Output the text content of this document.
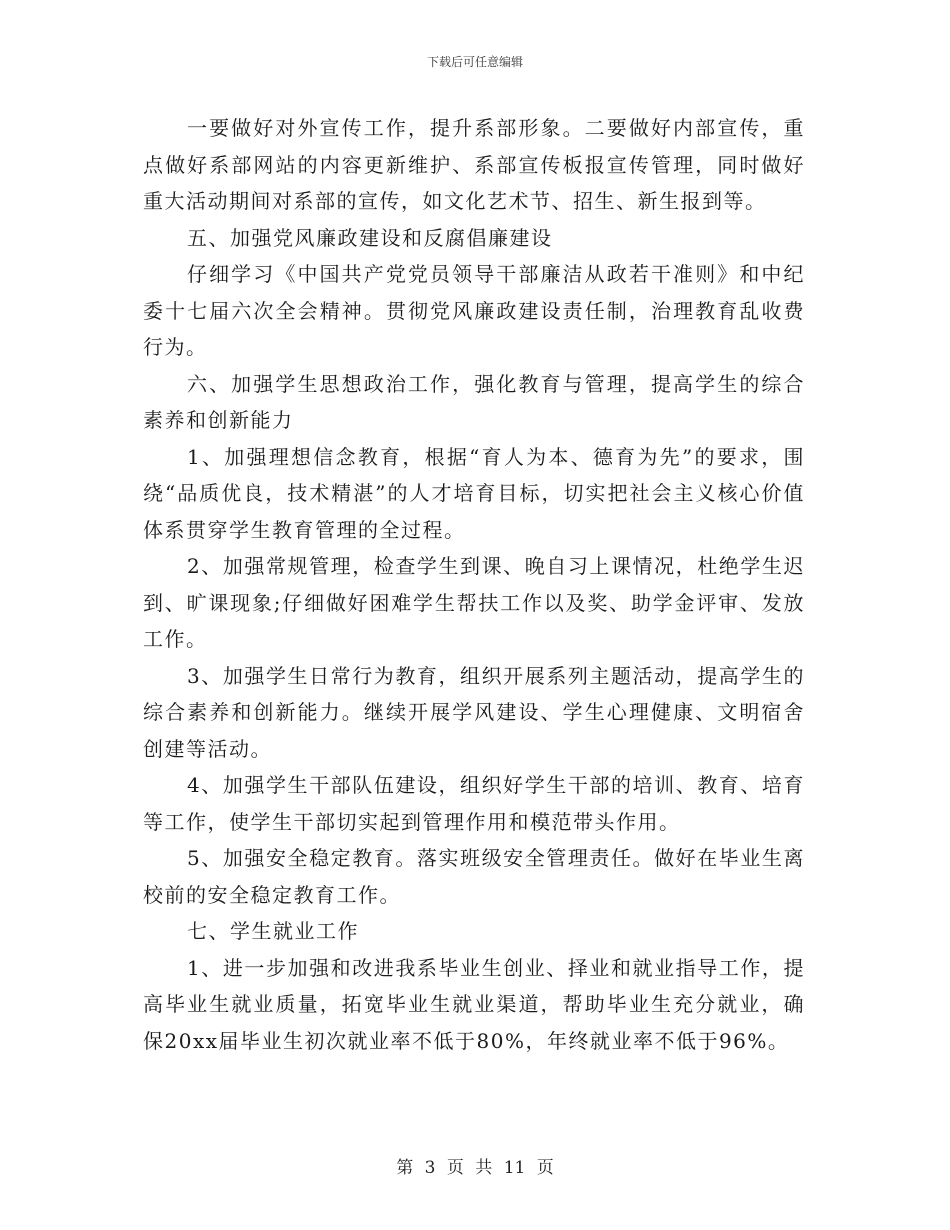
下载后可任意编辑

一要做好对外宣传工作，提升系部形象。二要做好内部宣传，重点做好系部网站的内容更新维护、系部宣传板报宣传管理，同时做好重大活动期间对系部的宣传，如文化艺术节、招生、新生报到等。

五、加强党风廉政建设和反腐倡廉建设

仔细学习《中国共产党党员领导干部廉洁从政若干准则》和中纪委十七届六次全会精神。贯彻党风廉政建设责任制，治理教育乱收费行为。

六、加强学生思想政治工作，强化教育与管理，提高学生的综合素养和创新能力

1、加强理想信念教育，根据“育人为本、德育为先”的要求，围绕“品质优良，技术精湛”的人才培育目标，切实把社会主义核心价值体系贯穿学生教育管理的全过程。

2、加强常规管理，检查学生到课、晚自习上课情况，杜绝学生迟到、旷课现象;仔细做好困难学生帮扶工作以及奖、助学金评审、发放工作。

3、加强学生日常行为教育，组织开展系列主题活动，提高学生的综合素养和创新能力。继续开展学风建设、学生心理健康、文明宿舍创建等活动。

4、加强学生干部队伍建设，组织好学生干部的培训、教育、培育等工作，使学生干部切实起到管理作用和模范带头作用。

5、加强安全稳定教育。落实班级安全管理责任。做好在毕业生离校前的安全稳定教育工作。

七、学生就业工作

1、进一步加强和改进我系毕业生创业、择业和就业指导工作，提高毕业生就业质量，拓宽毕业生就业渠道，帮助毕业生充分就业，确保20xx届毕业生初次就业率不低于80%，年终就业率不低于96%。

第 3 页 共 11 页
